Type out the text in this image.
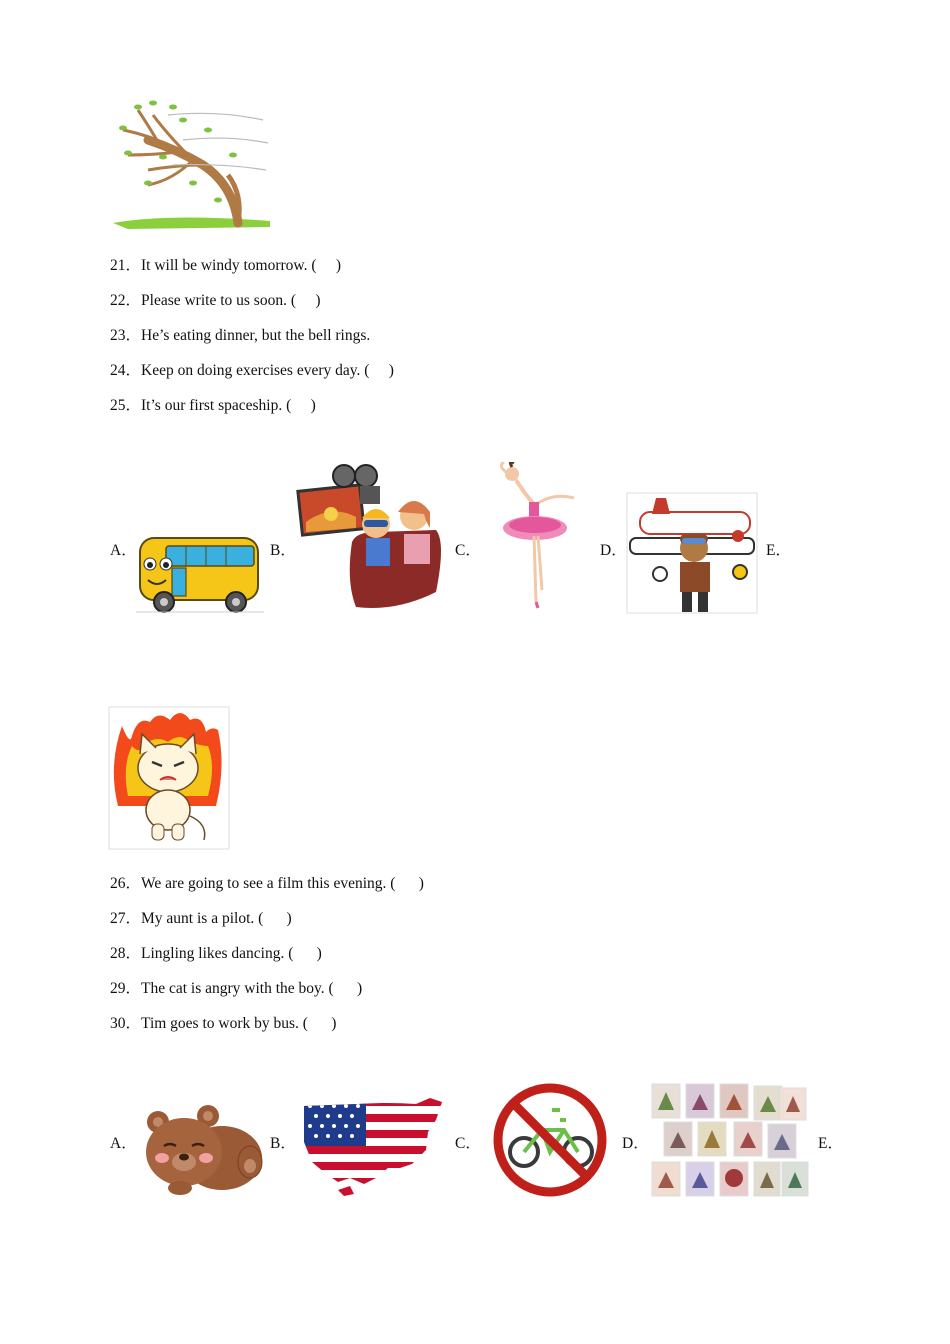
21．It will be windy tomorrow. (     )
22．Please write to us soon. (     )
23．He’s eating dinner, but the bell rings.
24．Keep on doing exercises every day. (     )
25．It’s our first spaceship. (     )
A．	B．	C．	D．	E．
26．We are going to see a film this evening. (      )
27．My aunt is a pilot. (      )
28．Lingling likes dancing. (      )
29．The cat is angry with the boy. (      )
30．Tim goes to work by bus. (      )
A．	B．	C．	D．	E．
